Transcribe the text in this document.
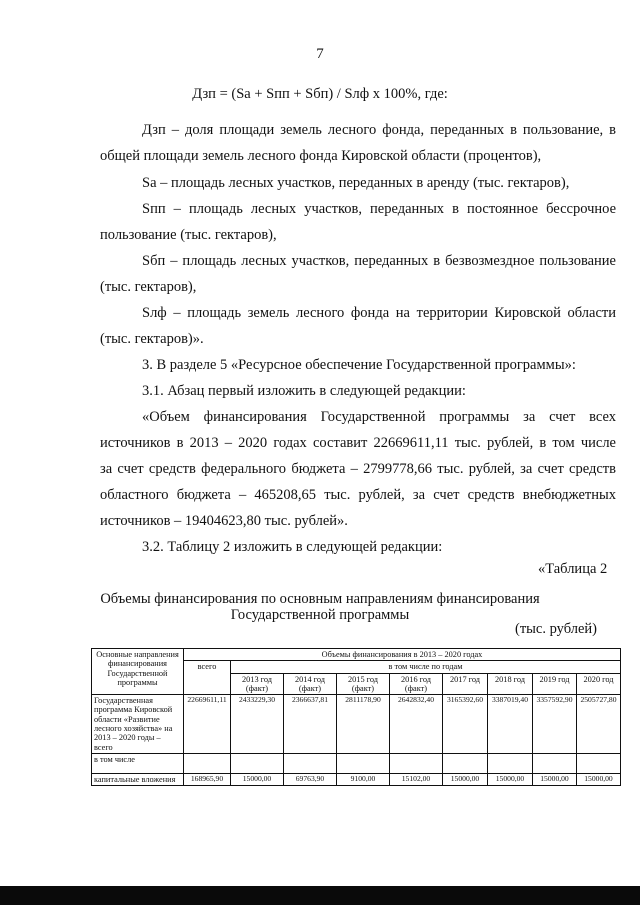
7
Дзп = (Sа + Sпп + Sбп) / Sлф х 100%, где:
Дзп – доля площади земель лесного фонда, переданных в пользование, в
общей площади земель лесного фонда Кировской области (процентов),
Sа – площадь лесных участков, переданных в аренду (тыс. гектаров),
Sпп – площадь лесных участков, переданных в постоянное бессрочное
пользование (тыс. гектаров),
Sбп – площадь лесных участков, переданных в безвозмездное пользование
(тыс. гектаров),
Sлф – площадь земель лесного фонда на территории Кировской области
(тыс. гектаров)».
3. В разделе 5 «Ресурсное обеспечение Государственной программы»:
3.1. Абзац первый изложить в следующей редакции:
«Объем финансирования Государственной программы за счет всех
источников в 2013 – 2020 годах составит 22669611,11 тыс. рублей, в том числе
за счет средств федерального бюджета – 2799778,66 тыс. рублей, за счет средств
областного бюджета – 465208,65 тыс. рублей, за счет средств внебюджетных
источников – 19404623,80 тыс. рублей».
3.2. Таблицу 2 изложить в следующей редакции:
«Таблица 2
Объемы финансирования по основным направлениям финансирования
Государственной программы
(тыс. рублей)
Основные направления финансирования Государственной программы	Объемы финансирования в 2013 – 2020 годах								
	всего	в том числе по годам							
		2013 год (факт)	2014 год (факт)	2015 год (факт)	2016 год (факт)	2017 год	2018 год	2019 год	2020 год
Государственная программа Кировской области «Развитие лесного хозяйства» на 2013 – 2020 годы – всего	22669611,11	2433229,30	2366637,81	2811178,90	2642832,40	3165392,60	3387019,40	3357592,90	2505727,80
в том числе									
капитальные вложения	168965,90	15000,00	69763,90	9100,00	15102,00	15000,00	15000,00	15000,00	15000,00
